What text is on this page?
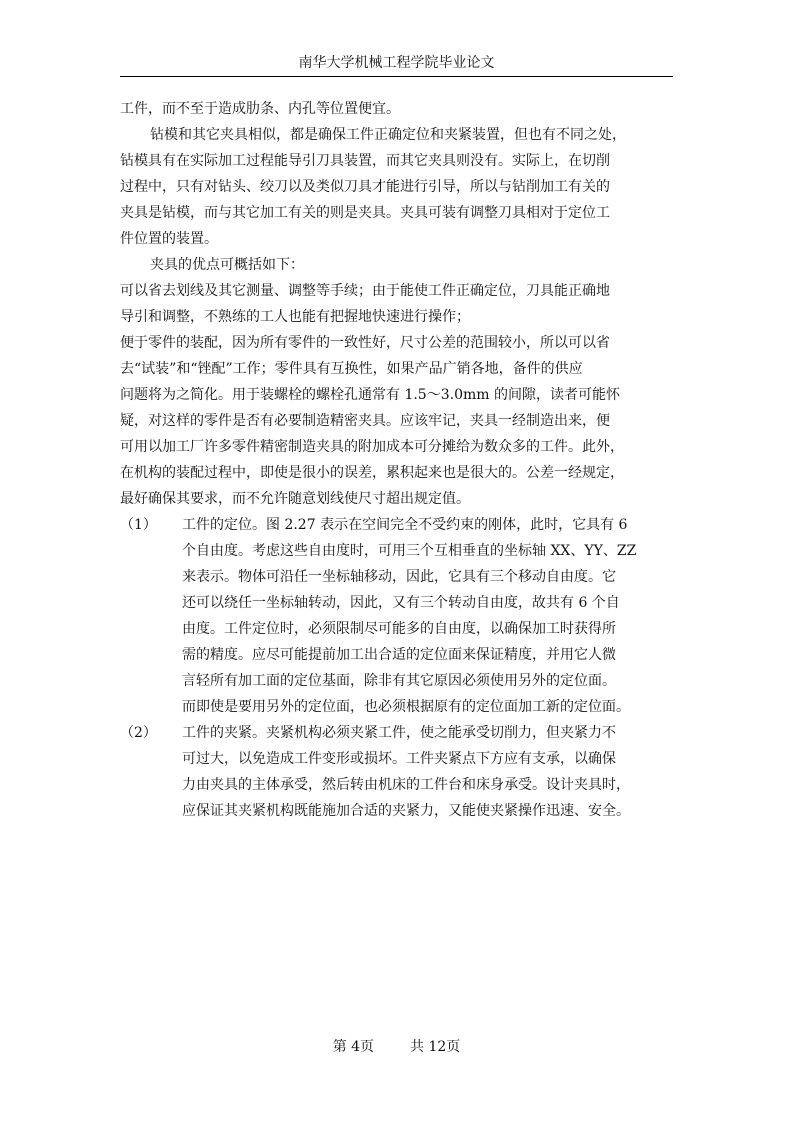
南华大学机械工程学院毕业论文
工件，而不至于造成肋条、内孔等位置便宜。
钻模和其它夹具相似，都是确保工件正确定位和夹紧装置，但也有不同之处，
钻模具有在实际加工过程能导引刀具装置，而其它夹具则没有。实际上，在切削
过程中，只有对钻头、绞刀以及类似刀具才能进行引导，所以与钻削加工有关的
夹具是钻模，而与其它加工有关的则是夹具。夹具可装有调整刀具相对于定位工
件位置的装置。
夹具的优点可概括如下：
可以省去划线及其它测量、调整等手续；由于能使工件正确定位，刀具能正确地
导引和调整，不熟练的工人也能有把握地快速进行操作；
便于零件的装配，因为所有零件的一致性好，尺寸公差的范围较小，所以可以省
去“试装”和“锉配”工作；零件具有互换性，如果产品广销各地，备件的供应
问题将为之简化。用于装螺栓的螺栓孔通常有 1.5～3.0mm 的间隙，读者可能怀
疑，对这样的零件是否有必要制造精密夹具。应该牢记，夹具一经制造出来，便
可用以加工厂许多零件精密制造夹具的附加成本可分摊给为数众多的工件。此外，
在机构的装配过程中，即使是很小的误差，累积起来也是很大的。公差一经规定，
最好确保其要求，而不允许随意划线使尺寸超出规定值。
（1）	工件的定位。图 2.27 表示在空间完全不受约束的刚体，此时，它具有 6
个自由度。考虑这些自由度时，可用三个互相垂直的坐标轴 XX、YY、ZZ
来表示。物体可沿任一坐标轴移动，因此，它具有三个移动自由度。它
还可以绕任一坐标轴转动，因此，又有三个转动自由度，故共有 6 个自
由度。工件定位时，必须限制尽可能多的自由度，以确保加工时获得所
需的精度。应尽可能提前加工出合适的定位面来保证精度，并用它人微
言轻所有加工面的定位基面，除非有其它原因必须使用另外的定位面。
而即使是要用另外的定位面，也必须根据原有的定位面加工新的定位面。
（2）	工件的夹紧。夹紧机构必须夹紧工件，使之能承受切削力，但夹紧力不
可过大，以免造成工件变形或损坏。工件夹紧点下方应有支承，以确保
力由夹具的主体承受，然后转由机床的工件台和床身承受。设计夹具时，
应保证其夹紧机构既能施加合适的夹紧力，又能使夹紧操作迅速、安全。
第 4页	共 12页
